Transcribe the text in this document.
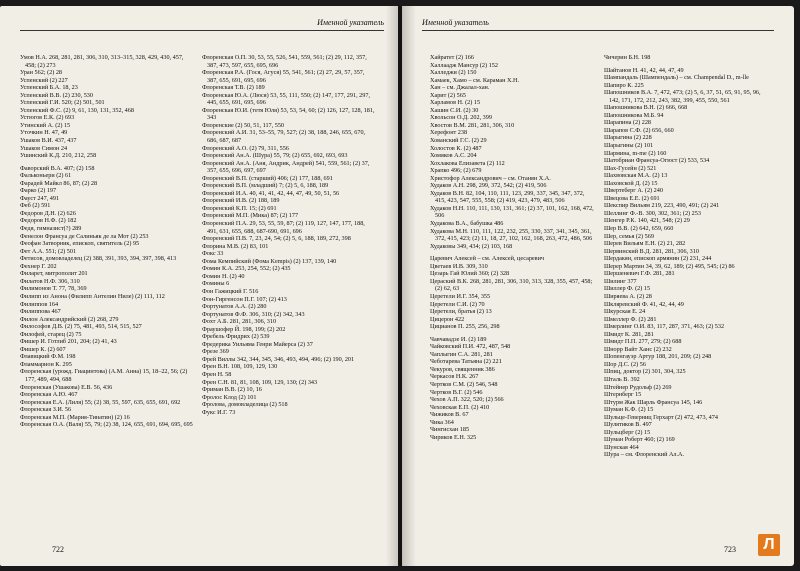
Именной указатель
Умов Н.А. 268, 281, 281, 306, 310, 313–315, 328, 429, 430, 457, 458; (2) 273
Уран 562; (2) 28
Успенский (2) 227
Успенский Б.А. 18, 23
Успенский В.В. (2) 230, 530
Успенский Г.И. 520; (2) 501, 501
Успенский Ф.С. (2) 9, 61, 130, 131, 352, 468
Устюгов Е.К. (2) 693
Утинский А. (2) 15
Уточкин Н. 47, 49
Ушаков В.И. 437, 437
Ушаков Симон 24
Ушинский К.Д. 210, 212, 258
Фаворский В.А. 407; (2) 158
Фальконьери (2) 61
Фарадей Майкл 86, 87; (2) 28
Фарко (2) 197
Фауст 247, 491
Феб (2) 591
Федоров Д.Н. (2) 626
Федоров Н.Ф. (2) 182
Федя, гимназист(?) 289
Фенелон Франсуа де Салиньяк де ла Мот (2) 253
Феофан Затворник, епископ, святитель (2) 95
Фет А.А. 551; (2) 501
Фетисов, домовладелец (2) 388, 391, 393, 394, 397, 398, 413
Фехнер Г. 202
Филарет, митрополит 201
Филатов Н.Ф. 306, 310
Филимонов Т. 77, 78, 369
Филипп из Анона (Филипп Антелин Ниле) (2) 111, 112
Филиппов 164
Филиппова 467
Филон Александрийский (2) 268, 279
Философов Д.В. (2) 75, 481, 493, 514, 515, 527
Филофей, старец (2) 75
Фишер И. Готлиб 201, 204; (2) 41, 43
Фишер К. (2) 607
Флавицкий Ф.М. 198
Фламмарион К. 295
Флоренская (урожд. Гиацинтова) (А.М. Анна) 15, 18–22, 56; (2) 177, 489, 494, 688
Флоренская (Ушакова) Е.В. 56, 436
Флоренская А.Ю. 467
Флоренская Е.А. (Лиля) 55; (2) 38, 55, 597, 635, 655, 691, 692
Флоренская З.И. 56
Флоренская М.П. (Мария-Тинатин) (2) 16
Флоренская О.А. (Валя) 55, 79; (2) 38, 124, 655, 691, 694, 695, 695
Флоренская О.П. 30, 53, 55, 526, 541, 559, 561; (2) 29, 112, 357, 387, 473, 597, 655, 695, 696
Флоренская Р.А. (Гося, Агуся) 55, 541, 561; (2) 27, 29, 57, 357, 387, 655, 691, 695, 696
Флоренская Т.В. (2) 189
Флоренская Ю.А. (Люся) 53, 55, 111, 550; (2) 147, 177, 291, 297, 445, 655, 691, 695, 696
Флоренская Ю.И. (тетя Юля) 53, 53, 54, 60; (2) 126, 127, 128, 181, 343
Флоренские (2) 50, 51, 117, 550
Флоренский А.И. 31, 53–55, 79, 527; (2) 38, 188, 246, 655, 670, 686, 687, 687
Флоренский А.О. (2) 79, 311, 556
Флоренский Ан.А. (Шура) 55, 79; (2) 655, 692, 693, 693
Флоренский Ан.А. (Аня, Андрик, Андрей) 541, 559, 561; (2) 37, 357, 655, 696, 697, 697
Флоренский В.П. (старший) 406; (2) 177, 188, 691
Флоренский В.П. (младший) 7; (2) 5, 6, 188, 189
Флоренский И.А. 40, 41, 41, 42, 44, 47, 49, 50, 51, 56
Флоренский И.В. (2) 188, 189
Флоренский К.П. 15; (2) 691
Флоренский М.П. (Мика) 87; (2) 177
Флоренский П.А. 29, 53, 55, 59, 87; (2) 119, 127, 147, 177, 188, 491, 631, 655, 688, 687-690, 691, 696
Флоренский П.В. 7, 23, 24, 54; (2) 5, 6, 188, 189, 272, 398
Флорина М.В. (2) 83, 101
Фокс 33
Фома Кемпийский (Фома Kempis) (2) 137, 139, 140
Фомин К.А. 253, 254, 552; (2) 435
Фомин Н. (2) 40
Фомины 6
Фон Гажицкий Г. 516
Фон-Гиргенсон П.Г. 107; (2) 413
Фортунатов А.А. (2) 280
Фортунатов Ф.Ф. 306, 310; (2) 342, 343
Фохт А.Б. 281, 281, 306, 310
Фраушофер Й. 198, 199; (2) 202
Фребель Фридрих (2) 539
Фредерика Уильяма Генри Майерса (2) 37
Фрезе 369
Фрей Виллы 342, 344, 345, 346, 493, 494, 496; (2) 190, 201
Френ В.Н. 108, 109, 129, 130
Френ Н. 58
Френ С.Н. 81, 81, 108, 109, 129, 130; (2) 343
Фриман В.В. (2) 10, 16
Фролос Клод (2) 101
Фролова, домовладелица (2) 518
Фукс И.Г. 73
722
Именной указатель
Хайратет (2) 166
Халлаадж Мансур (2) 152
Халледжи (2) 150
Хамаек, Хамо – см. Караман Х.Н.
Хан – см. Джалал-хан.
Харит (2) 565
Харламов Н. (2) 15
Хашин С.И. (2) 30
Хвольсон О.Д. 202, 399
Хвостов В.М. 281, 281, 306, 310
Херефонт 238
Хованский Г.С. (2) 29
Холостов К. (2) 487
Хомяков А.С. 204
Хохлакова Елизавета (2) 112
Храпко 496; (2) 679
Христофор Александрович – см. Отанян Х.А.
Худаков А.Н. 298, 299, 372, 542; (2) 419, 506
Худаков В.Н. 82, 104, 110, 111, 123, 299, 337, 345, 347, 372, 415, 423, 547, 555, 558; (2) 419, 423, 479, 483, 506
Худаков Н.Н. 110, 111, 130, 131, 361; (2) 37, 101, 162, 168, 472, 506
Худакова В.А., бабушка 486
Худакова М.Н. 110, 111, 122, 232, 255, 330, 337, 341, 345, 361, 372, 415, 423; (2) 11, 18, 27, 102, 162, 168, 263, 472, 486, 506
Худаковы 349, 434; (2) 103, 168
Царевич Алексей – см. Алексей, цесаревич
Цветаев И.В. 309, 310
Цезарь Гай Юлий 360; (2) 328
Цераский В.К. 268, 281, 281, 306, 310, 313, 328, 355, 457, 458; (2) 62, 63
Церетели И.Г. 354, 355
Церетели С.И. (2) 70
Церетели, братья (2) 13
Цицерон 422
Цицианов П. 255, 256, 298
Чавчавадзе И. (2) 189
Чайковский П.И. 472, 487, 548
Чаплыгин С.А. 281, 281
Чеботарева Татьяна (2) 221
Чекуров, священник 386
Черкасов Н.К. 267
Чертков С.М. (2) 546, 548
Чертков В.Г. (2) 546
Чехов А.П. 322, 520; (2) 566
Чеховская Е.П. (2) 410
Чижиков В. 67
Чика 364
Чингисхан 185
Чириков Е.Н. 325
Чичерин Б.Н. 198
Шайтанов Н. 41, 42, 44, 47, 49
Шампандаль (Шампендаль) – см. Champendal D., m-lle
Шапиро К. 225
Шапошников В.А. 7, 472, 473; (2) 5, 6, 37, 51, 65, 91, 95, 96, 142, 171, 172, 212, 243, 382, 399, 455, 550, 561
Шапошникова В.Н. (2) 666, 668
Шапошникова М.Б. 94
Шарапина (2) 228
Шарапов С.Ф. (2) 656, 660
Шарыгина (2) 228
Шарыгины (2) 101
Шармина, m-me (2) 160
Шатобриан Франсуа-Огюст (2) 533, 534
Шах-Гусейн (2) 521
Шахвовская М.А. (2) 13
Шаховской Д. (2) 15
Швертеберг А. (2) 240
Швецова Е.Е. (2) 691
Шекспир Вильям 219, 223, 490, 491; (2) 241
Шеллинг Ф.-В. 300, 302, 361; (2) 253
Шенгер Р.К. 140, 421, 548; (2) 29
Шер В.В. (2) 642, 659, 660
Шер, семья (2) 569
Шерев Вильям Е.Н. (2) 21, 282
Шервинский В.Д. 281, 281, 306, 310
Шердакян, епископ армянин (2) 231, 244
Шерер Мартин 34, 39, 62, 189; (2) 495, 545; (2) 86
Шершеневич Г.Ф. 281, 281
Шилинг 377
Шиллер Ф. (2) 15
Ширяева А. (2) 28
Шкляревский Ф. 41, 42, 44, 49
Шкурская Е. 24
Шмеллер Ф. (2) 281
Шмерлинг О.И. 83, 117, 287, 371, 463; (2) 532
Шмидт К. 281, 281
Шмидт П.П. 277, 279; (2) 688
Шнорр Вайт Ханс (2) 232
Шопенгауэр Артур 188, 201, 209; (2) 248
Шор Д.С. (2) 56
Шпиц, доктор (2) 301, 304, 325
Шталь В. 392
Штейнер Рудольф (2) 269
Штернберг 15
Штурм Жак Шарль Франсуа 145, 146
Шуман К.Ф. (2) 15
Шульце-Геверниц Герхарт (2) 472, 473, 474
Шулятиков В. 497
Шульцберг (2) 15
Шуман Роберт 460; (2) 169
Шунская 464
Шура – см. Флоренский Ал.А.
723	Л
